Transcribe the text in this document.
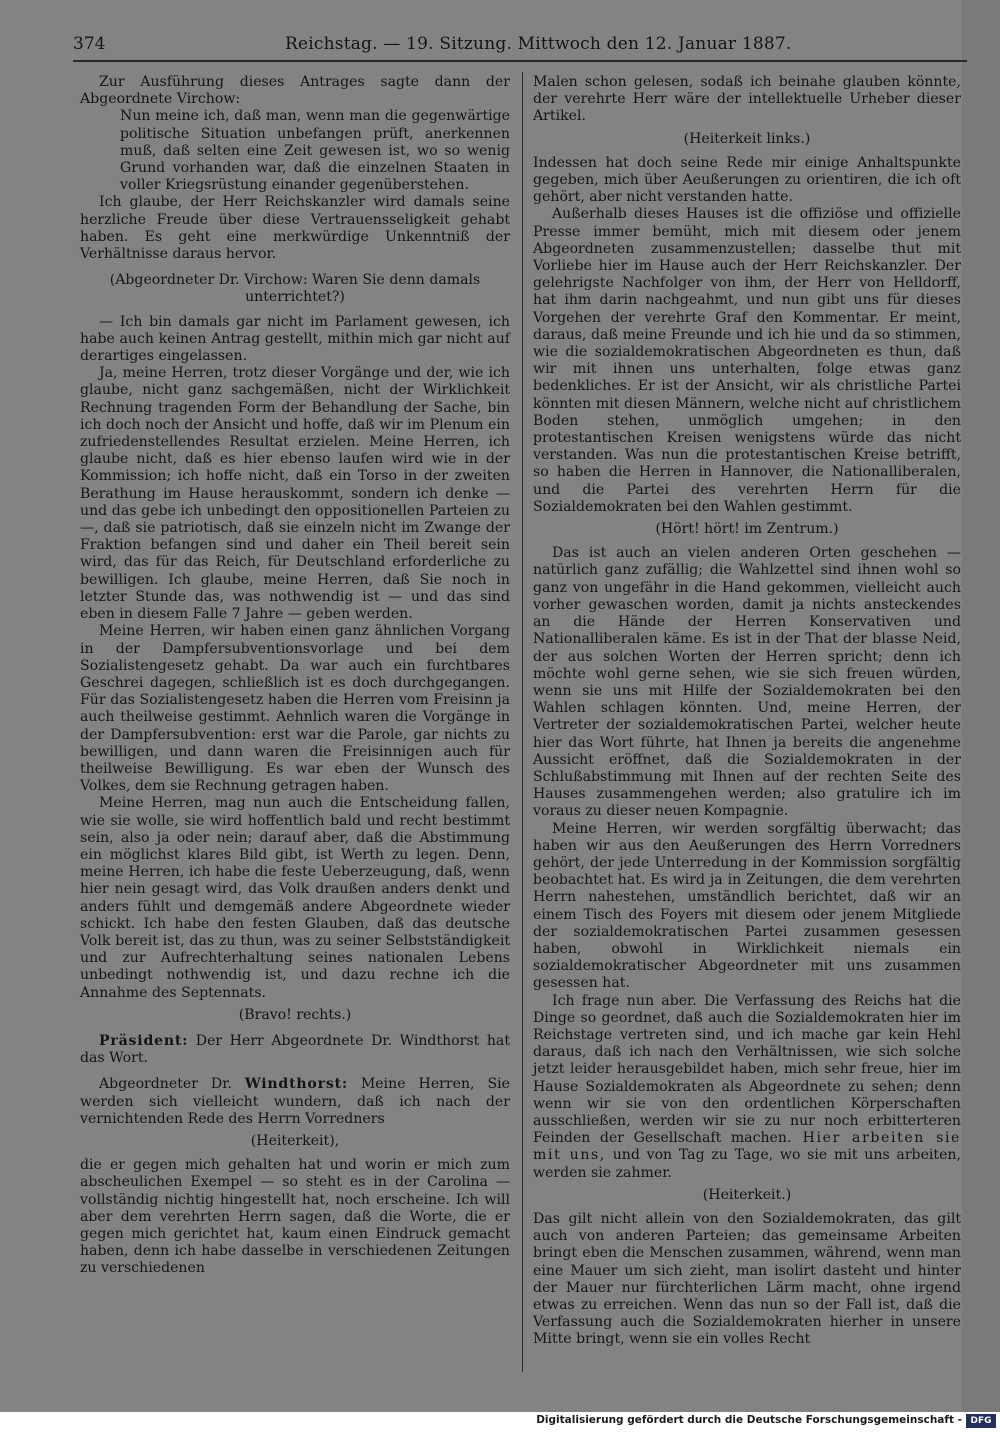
374	Reichstag. — 19. Sitzung. Mittwoch den 12. Januar 1887.

Zur Ausführung dieses Antrages sagte dann der Abgeordnete Virchow:

Nun meine ich, daß man, wenn man die gegenwärtige politische Situation unbefangen prüft, anerkennen muß, daß selten eine Zeit gewesen ist, wo so wenig Grund vorhanden war, daß die einzelnen Staaten in voller Kriegsrüstung einander gegenüberstehen.

Ich glaube, der Herr Reichskanzler wird damals seine herzliche Freude über diese Vertrauensseligkeit gehabt haben. Es geht eine merkwürdige Unkenntniß der Verhältnisse daraus hervor.

(Abgeordneter Dr. Virchow: Waren Sie denn damals unterrichtet?)

— Ich bin damals gar nicht im Parlament gewesen, ich habe auch keinen Antrag gestellt, mithin mich gar nicht auf derartiges eingelassen.

Ja, meine Herren, trotz dieser Vorgänge und der, wie ich glaube, nicht ganz sachgemäßen, nicht der Wirklichkeit Rechnung tragenden Form der Behandlung der Sache, bin ich doch noch der Ansicht und hoffe, daß wir im Plenum ein zufriedenstellendes Resultat erzielen. Meine Herren, ich glaube nicht, daß es hier ebenso laufen wird wie in der Kommission; ich hoffe nicht, daß ein Torso in der zweiten Berathung im Hause herauskommt, sondern ich denke — und das gebe ich unbedingt den oppositionellen Parteien zu —, daß sie patriotisch, daß sie einzeln nicht im Zwange der Fraktion befangen sind und daher ein Theil bereit sein wird, das für das Reich, für Deutschland erforderliche zu bewilligen. Ich glaube, meine Herren, daß Sie noch in letzter Stunde das, was nothwendig ist — und das sind eben in diesem Falle 7 Jahre — geben werden.

Meine Herren, wir haben einen ganz ähnlichen Vorgang in der Dampfersubventionsvorlage und bei dem Sozialistengesetz gehabt. Da war auch ein furchtbares Geschrei dagegen, schließlich ist es doch durchgegangen. Für das Sozialistengesetz haben die Herren vom Freisinn ja auch theilweise gestimmt. Aehnlich waren die Vorgänge in der Dampfersubvention: erst war die Parole, gar nichts zu bewilligen, und dann waren die Freisinnigen auch für theilweise Bewilligung. Es war eben der Wunsch des Volkes, dem sie Rechnung getragen haben.

Meine Herren, mag nun auch die Entscheidung fallen, wie sie wolle, sie wird hoffentlich bald und recht bestimmt sein, also ja oder nein; darauf aber, daß die Abstimmung ein möglichst klares Bild gibt, ist Werth zu legen. Denn, meine Herren, ich habe die feste Ueberzeugung, daß, wenn hier nein gesagt wird, das Volk draußen anders denkt und anders fühlt und demgemäß andere Abgeordnete wieder schickt. Ich habe den festen Glauben, daß das deutsche Volk bereit ist, das zu thun, was zu seiner Selbstständigkeit und zur Aufrechterhaltung seines nationalen Lebens unbedingt nothwendig ist, und dazu rechne ich die Annahme des Septennats.

(Bravo! rechts.)

Präsident: Der Herr Abgeordnete Dr. Windthorst hat das Wort.

Abgeordneter Dr. Windthorst: Meine Herren, Sie werden sich vielleicht wundern, daß ich nach der vernichtenden Rede des Herrn Vorredners

(Heiterkeit),

die er gegen mich gehalten hat und worin er mich zum abscheulichen Exempel — so steht es in der Carolina — vollständig nichtig hingestellt hat, noch erscheine. Ich will aber dem verehrten Herrn sagen, daß die Worte, die er gegen mich gerichtet hat, kaum einen Eindruck gemacht haben, denn ich habe dasselbe in verschiedenen Zeitungen zu verschiedenen

Malen schon gelesen, sodaß ich beinahe glauben könnte, der verehrte Herr wäre der intellektuelle Urheber dieser Artikel.

(Heiterkeit links.)

Indessen hat doch seine Rede mir einige Anhaltspunkte gegeben, mich über Aeußerungen zu orientiren, die ich oft gehört, aber nicht verstanden hatte.

Außerhalb dieses Hauses ist die offiziöse und offizielle Presse immer bemüht, mich mit diesem oder jenem Abgeordneten zusammenzustellen; dasselbe thut mit Vorliebe hier im Hause auch der Herr Reichskanzler. Der gelehrigste Nachfolger von ihm, der Herr von Helldorff, hat ihm darin nachgeahmt, und nun gibt uns für dieses Vorgehen der verehrte Graf den Kommentar. Er meint, daraus, daß meine Freunde und ich hie und da so stimmen, wie die sozialdemokratischen Abgeordneten es thun, daß wir mit ihnen uns unterhalten, folge etwas ganz bedenkliches. Er ist der Ansicht, wir als christliche Partei könnten mit diesen Männern, welche nicht auf christlichem Boden stehen, unmöglich umgehen; in den protestantischen Kreisen wenigstens würde das nicht verstanden. Was nun die protestantischen Kreise betrifft, so haben die Herren in Hannover, die Nationalliberalen, und die Partei des verehrten Herrn für die Sozialdemokraten bei den Wahlen gestimmt.

(Hört! hört! im Zentrum.)

Das ist auch an vielen anderen Orten geschehen — natürlich ganz zufällig; die Wahlzettel sind ihnen wohl so ganz von ungefähr in die Hand gekommen, vielleicht auch vorher gewaschen worden, damit ja nichts ansteckendes an die Hände der Herren Konservativen und Nationalliberalen käme. Es ist in der That der blasse Neid, der aus solchen Worten der Herren spricht; denn ich möchte wohl gerne sehen, wie sie sich freuen würden, wenn sie uns mit Hilfe der Sozialdemokraten bei den Wahlen schlagen könnten. Und, meine Herren, der Vertreter der sozialdemokratischen Partei, welcher heute hier das Wort führte, hat Ihnen ja bereits die angenehme Aussicht eröffnet, daß die Sozialdemokraten in der Schlußabstimmung mit Ihnen auf der rechten Seite des Hauses zusammengehen werden; also gratulire ich im voraus zu dieser neuen Kompagnie.

Meine Herren, wir werden sorgfältig überwacht; das haben wir aus den Aeußerungen des Herrn Vorredners gehört, der jede Unterredung in der Kommission sorgfältig beobachtet hat. Es wird ja in Zeitungen, die dem verehrten Herrn nahestehen, umständlich berichtet, daß wir an einem Tisch des Foyers mit diesem oder jenem Mitgliede der sozialdemokratischen Partei zusammen gesessen haben, obwohl in Wirklichkeit niemals ein sozialdemokratischer Abgeordneter mit uns zusammen gesessen hat.

Ich frage nun aber. Die Verfassung des Reichs hat die Dinge so geordnet, daß auch die Sozialdemokraten hier im Reichstage vertreten sind, und ich mache gar kein Hehl daraus, daß ich nach den Verhältnissen, wie sich solche jetzt leider herausgebildet haben, mich sehr freue, hier im Hause Sozialdemokraten als Abgeordnete zu sehen; denn wenn wir sie von den ordentlichen Körperschaften ausschließen, werden wir sie zu nur noch erbitterteren Feinden der Gesellschaft machen. Hier arbeiten sie mit uns, und von Tag zu Tage, wo sie mit uns arbeiten, werden sie zahmer.

(Heiterkeit.)

Das gilt nicht allein von den Sozialdemokraten, das gilt auch von anderen Parteien; das gemeinsame Arbeiten bringt eben die Menschen zusammen, während, wenn man eine Mauer um sich zieht, man isolirt dasteht und hinter der Mauer nur fürchterlichen Lärm macht, ohne irgend etwas zu erreichen. Wenn das nun so der Fall ist, daß die Verfassung auch die Sozialdemokraten hierher in unsere Mitte bringt, wenn sie ein volles Recht

Digitalisierung gefördert durch die Deutsche Forschungsgemeinschaft - DFG
